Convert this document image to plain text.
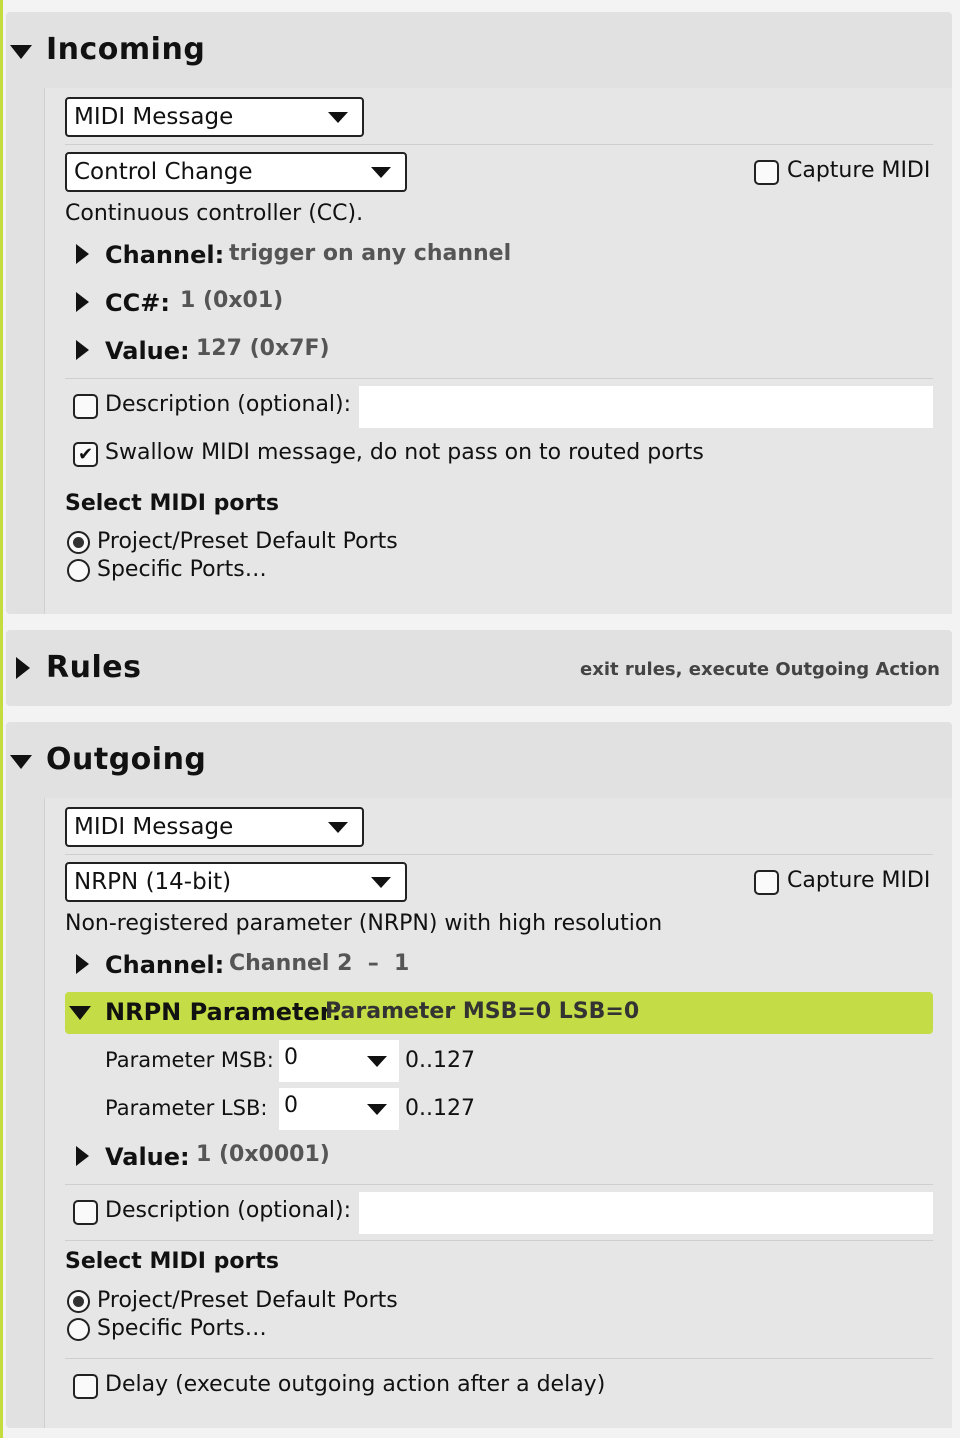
Incoming
MIDI Message
Control Change	Capture MIDI
Continuous controller (CC).
Channel: trigger on any channel
CC#: 1 (0x01)
Value: 127 (0x7F)
Description (optional):
✔ Swallow MIDI message, do not pass on to routed ports
Select MIDI ports
Project/Preset Default Ports
Specific Ports…
Rules	exit rules, execute Outgoing Action
Outgoing
MIDI Message
NRPN (14-bit)	Capture MIDI
Non-registered parameter (NRPN) with high resolution
Channel: Channel 2  –  1
NRPN Parameter:
Parameter MSB=0 LSB=0
Parameter MSB: 0	0..127
Parameter LSB: 0	0..127
Value: 1 (0x0001)
Description (optional):
Select MIDI ports
Project/Preset Default Ports
Specific Ports…
Delay (execute outgoing action after a delay)
